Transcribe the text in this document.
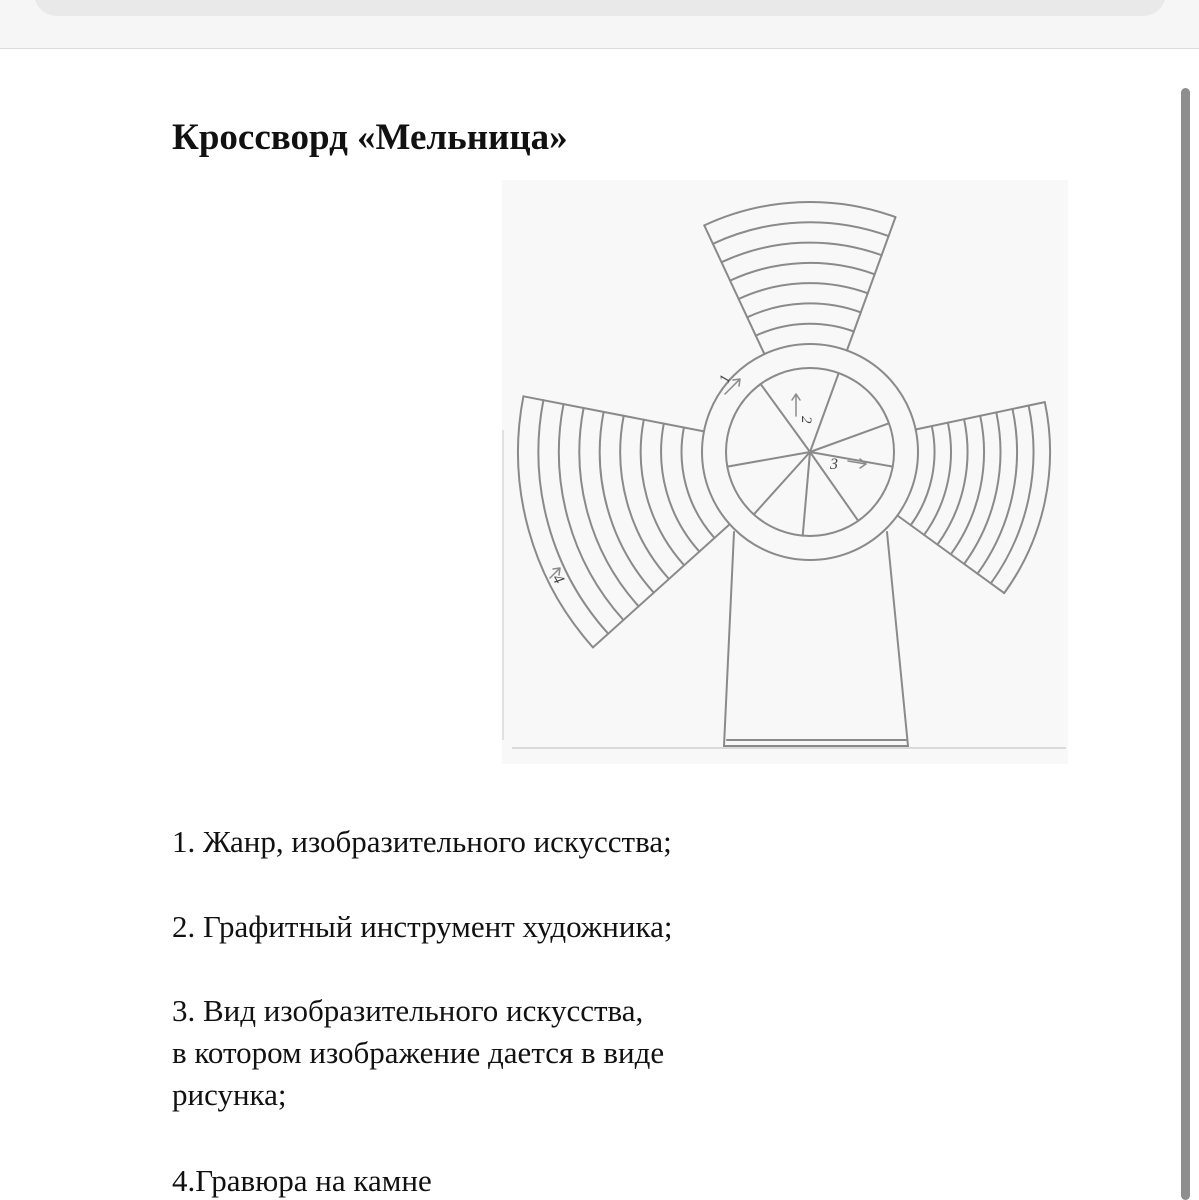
Кроссворд «Мельница»
1
2
3
4
1. Жанр, изобразительного искусства;
2. Графитный инструмент художника;
3. Вид изобразительного искусства,
в котором изображение дается в виде
рисунка;
4.Гравюра на камне
